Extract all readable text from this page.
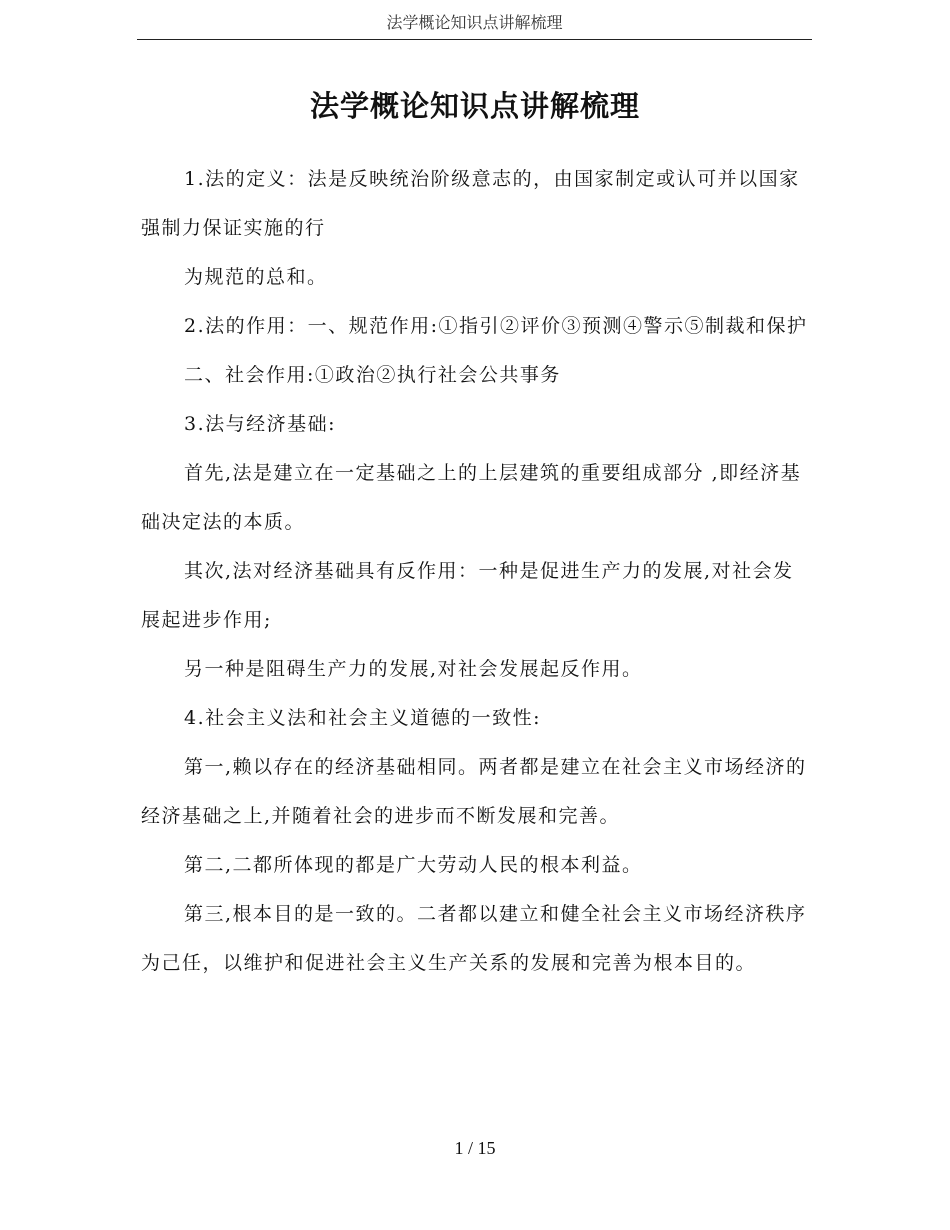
法学概论知识点讲解梳理
法学概论知识点讲解梳理

1.法的定义：法是反映统治阶级意志的，由国家制定或认可并以国家强制力保证实施的行

为规范的总和。

2.法的作用：一、规范作用:①指引②评价③预测④警示⑤制裁和保护

二、社会作用:①政治②执行社会公共事务

3.法与经济基础:

首先,法是建立在一定基础之上的上层建筑的重要组成部分 ,即经济基础决定法的本质。

其次,法对经济基础具有反作用：一种是促进生产力的发展,对社会发展起进步作用;

另一种是阻碍生产力的发展,对社会发展起反作用。

4.社会主义法和社会主义道德的一致性:

第一,赖以存在的经济基础相同。两者都是建立在社会主义市场经济的经济基础之上,并随着社会的进步而不断发展和完善。

第二,二都所体现的都是广大劳动人民的根本利益。

第三,根本目的是一致的。二者都以建立和健全社会主义市场经济秩序为己任，以维护和促进社会主义生产关系的发展和完善为根本目的。

1 / 15
